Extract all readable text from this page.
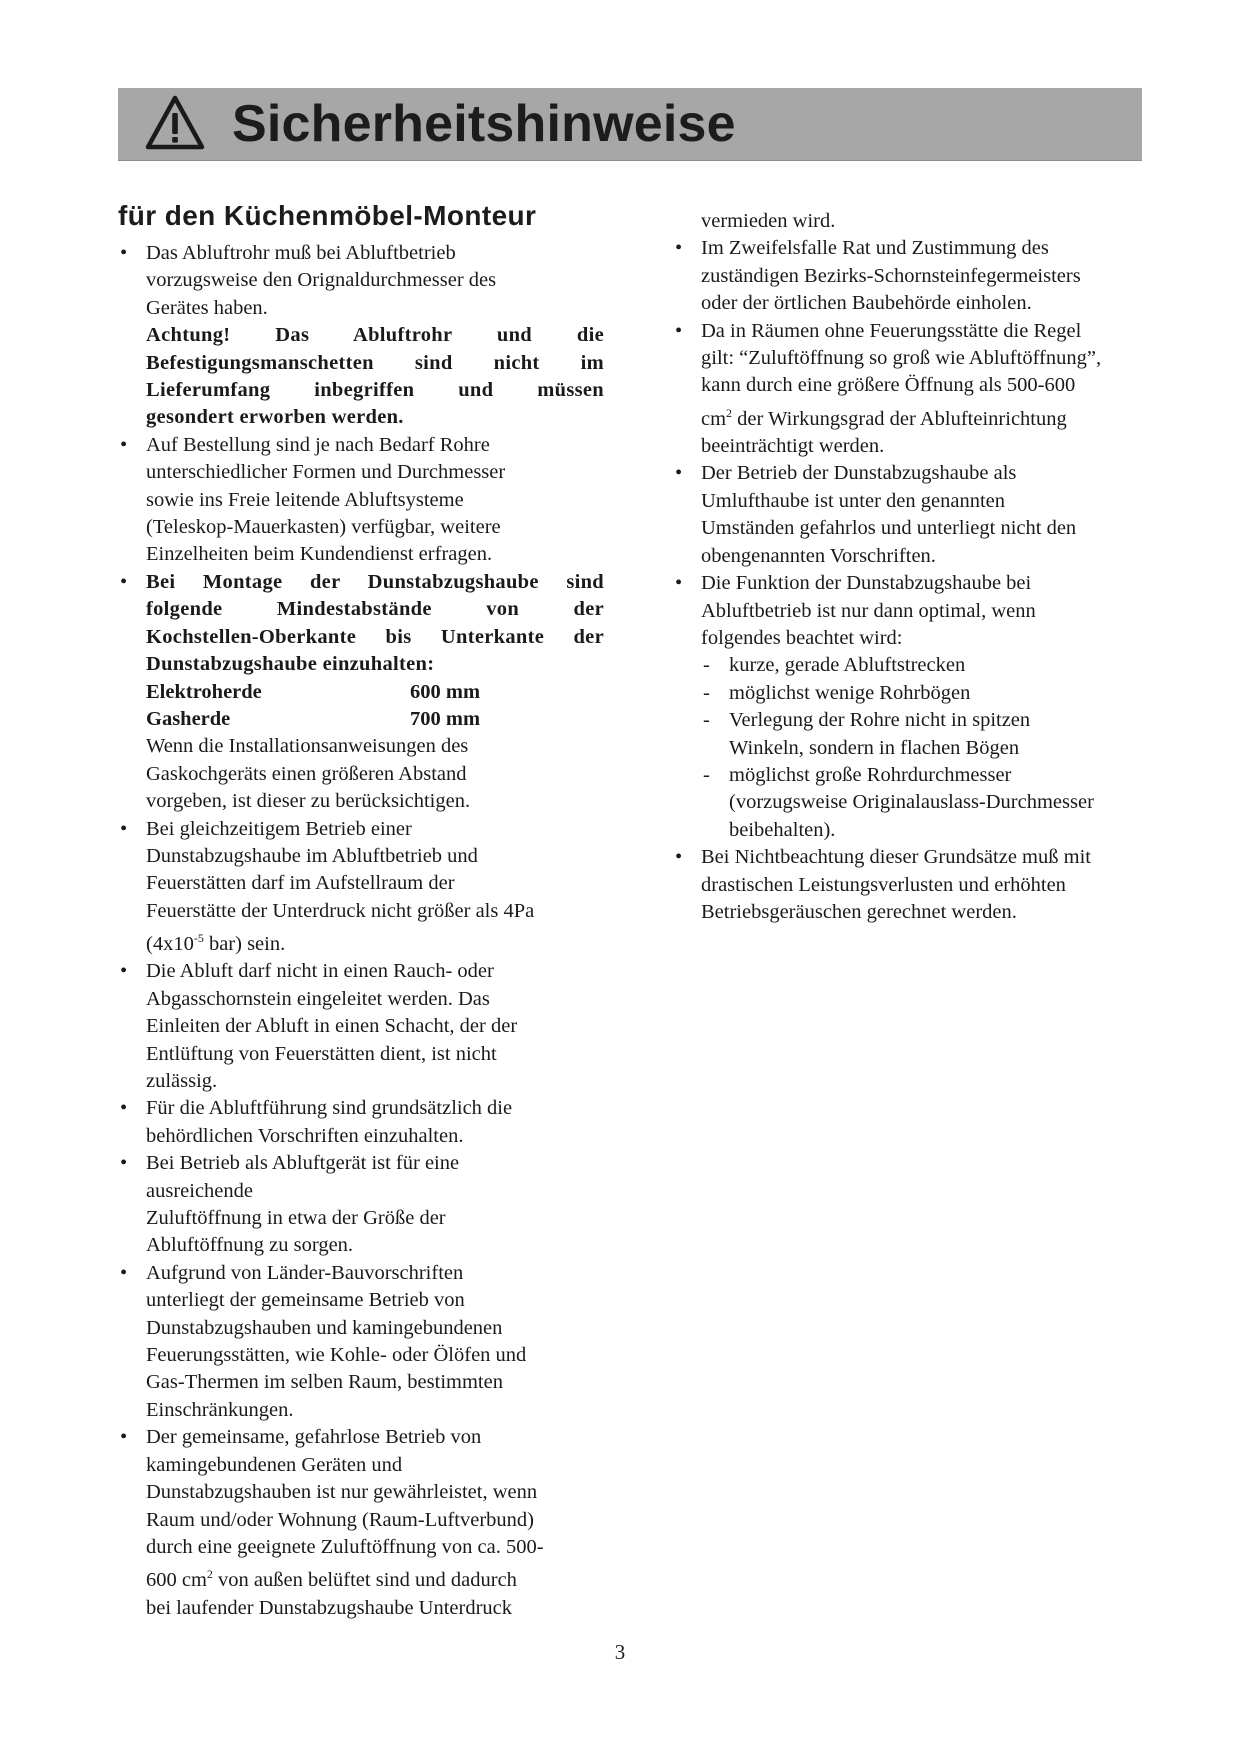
Sicherheitshinweise
für den Küchenmöbel-Monteur
• Das Abluftrohr muß bei Abluftbetrieb
vorzugsweise den Orignaldurchmesser des
Gerätes haben.
Achtung! Das Abluftrohr und die
Befestigungsmanschetten sind nicht im
Lieferumfang inbegriffen und müssen
gesondert erworben werden.
• Auf Bestellung sind je nach Bedarf Rohre
unterschiedlicher Formen und Durchmesser
sowie ins Freie leitende Abluftsysteme
(Teleskop-Mauerkasten) verfügbar, weitere
Einzelheiten beim Kundendienst erfragen.
• Bei Montage der Dunstabzugshaube sind
folgende Mindestabstände von der
Kochstellen-Oberkante bis Unterkante der
Dunstabzugshaube einzuhalten:
Elektroherde	600 mm
Gasherde	700 mm
Wenn die Installationsanweisungen des
Gaskochgeräts einen größeren Abstand
vorgeben, ist dieser zu berücksichtigen.
• Bei gleichzeitigem Betrieb einer
Dunstabzugshaube im Abluftbetrieb und
Feuerstätten darf im Aufstellraum der
Feuerstätte der Unterdruck nicht größer als 4Pa
($4x10^{-5}$ bar) sein.
• Die Abluft darf nicht in einen Rauch- oder
Abgasschornstein eingeleitet werden. Das
Einleiten der Abluft in einen Schacht, der der
Entlüftung von Feuerstätten dient, ist nicht
zulässig.
• Für die Abluftführung sind grundsätzlich die
behördlichen Vorschriften einzuhalten.
• Bei Betrieb als Abluftgerät ist für eine
ausreichende
Zuluftöffnung in etwa der Größe der
Abluftöffnung zu sorgen.
• Aufgrund von Länder-Bauvorschriften
unterliegt der gemeinsame Betrieb von
Dunstabzugshauben und kamingebundenen
Feuerungsstätten, wie Kohle- oder Ölöfen und
Gas-Thermen im selben Raum, bestimmten
Einschränkungen.
• Der gemeinsame, gefahrlose Betrieb von
kamingebundenen Geräten und
Dunstabzugshauben ist nur gewährleistet, wenn
Raum und/oder Wohnung (Raum-Luftverbund)
durch eine geeignete Zuluftöffnung von ca. 500-
600 $cm^2$ von außen belüftet sind und dadurch
bei laufender Dunstabzugshaube Unterdruck
vermieden wird.
• Im Zweifelsfalle Rat und Zustimmung des
zuständigen Bezirks-Schornsteinfegermeisters
oder der örtlichen Baubehörde einholen.
• Da in Räumen ohne Feuerungsstätte die Regel
gilt: “Zuluftöffnung so groß wie Abluftöffnung”,
kann durch eine größere Öffnung als 500-600
$cm^2$ der Wirkungsgrad der Ablufteinrichtung
beeinträchtigt werden.
• Der Betrieb der Dunstabzugshaube als
Umlufthaube ist unter den genannten
Umständen gefahrlos und unterliegt nicht den
obengenannten Vorschriften.
• Die Funktion der Dunstabzugshaube bei
Abluftbetrieb ist nur dann optimal, wenn
folgendes beachtet wird:
- kurze, gerade Abluftstrecken
- möglichst wenige Rohrbögen
- Verlegung der Rohre nicht in spitzen
Winkeln, sondern in flachen Bögen
- möglichst große Rohrdurchmesser
(vorzugsweise Originalauslass-Durchmesser
beibehalten).
• Bei Nichtbeachtung dieser Grundsätze muß mit
drastischen Leistungsverlusten und erhöhten
Betriebsgeräuschen gerechnet werden.
3
